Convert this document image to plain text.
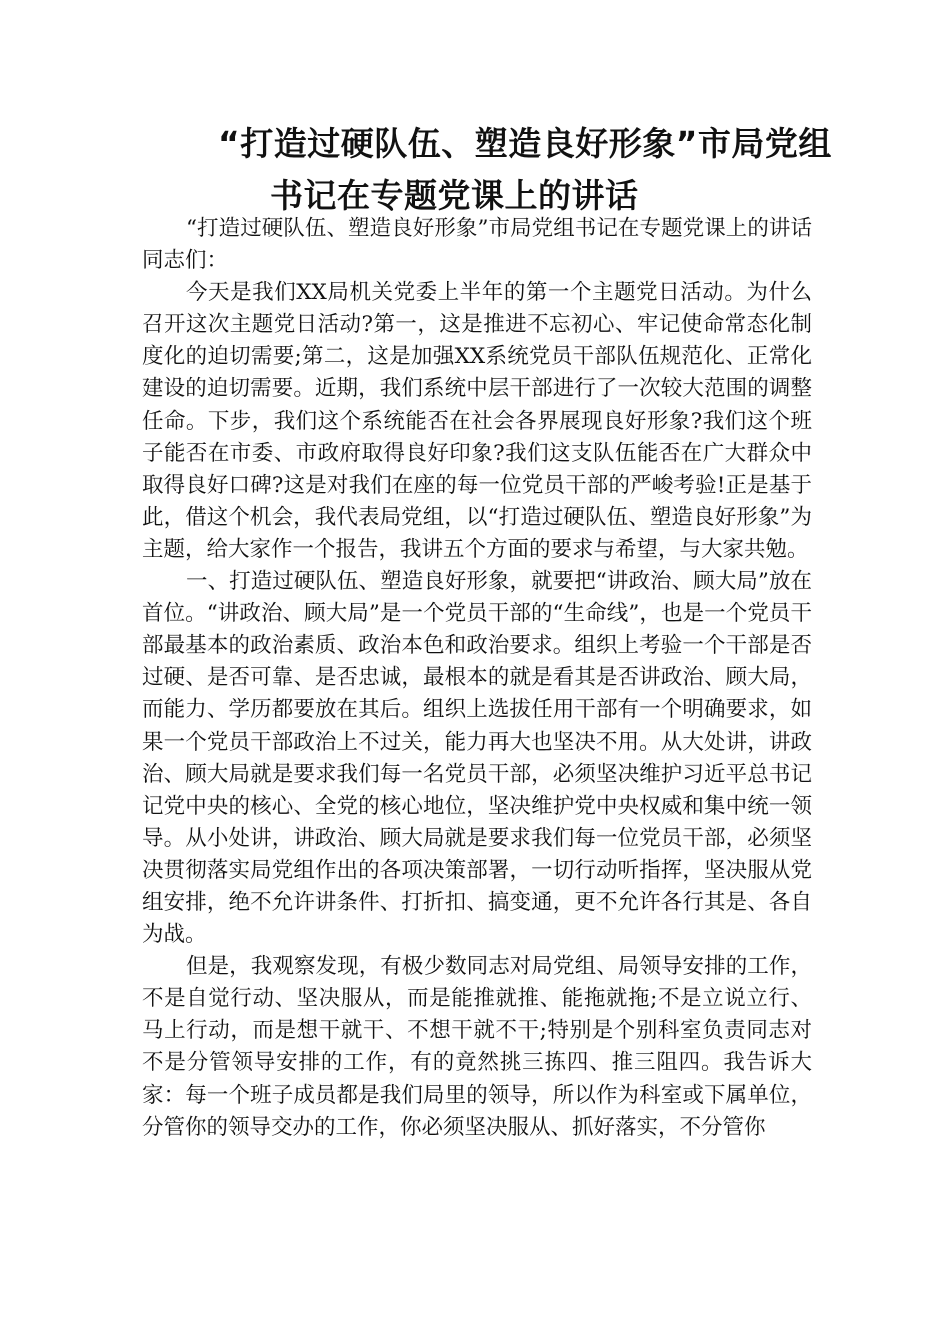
“打造过硬队伍、塑造良好形象”市局党组
书记在专题党课上的讲话

“打造过硬队伍、塑造良好形象”市局党组书记在专题党课上的讲话同志们：

今天是我们XX局机关党委上半年的第一个主题党日活动。为什么召开这次主题党日活动?第一，这是推进不忘初心、牢记使命常态化制度化的迫切需要;第二，这是加强XX系统党员干部队伍规范化、正常化建设的迫切需要。近期，我们系统中层干部进行了一次较大范围的调整任命。下步，我们这个系统能否在社会各界展现良好形象?我们这个班子能否在市委、市政府取得良好印象?我们这支队伍能否在广大群众中取得良好口碑?这是对我们在座的每一位党员干部的严峻考验!正是基于此，借这个机会，我代表局党组，以“打造过硬队伍、塑造良好形象”为主题，给大家作一个报告，我讲五个方面的要求与希望，与大家共勉。

一、打造过硬队伍、塑造良好形象，就要把“讲政治、顾大局”放在首位。“讲政治、顾大局”是一个党员干部的“生命线”，也是一个党员干部最基本的政治素质、政治本色和政治要求。组织上考验一个干部是否过硬、是否可靠、是否忠诚，最根本的就是看其是否讲政治、顾大局，而能力、学历都要放在其后。组织上选拔任用干部有一个明确要求，如果一个党员干部政治上不过关，能力再大也坚决不用。从大处讲，讲政治、顾大局就是要求我们每一名党员干部，必须坚决维护习近平总书记记党中央的核心、全党的核心地位，坚决维护党中央权威和集中统一领导。从小处讲，讲政治、顾大局就是要求我们每一位党员干部，必须坚决贯彻落实局党组作出的各项决策部署，一切行动听指挥，坚决服从党组安排，绝不允许讲条件、打折扣、搞变通，更不允许各行其是、各自为战。

但是，我观察发现，有极少数同志对局党组、局领导安排的工作，不是自觉行动、坚决服从，而是能推就推、能拖就拖;不是立说立行、马上行动，而是想干就干、不想干就不干;特别是个别科室负责同志对不是分管领导安排的工作，有的竟然挑三拣四、推三阻四。我告诉大家：每一个班子成员都是我们局里的领导，所以作为科室或下属单位，分管你的领导交办的工作，你必须坚决服从、抓好落实，不分管你
